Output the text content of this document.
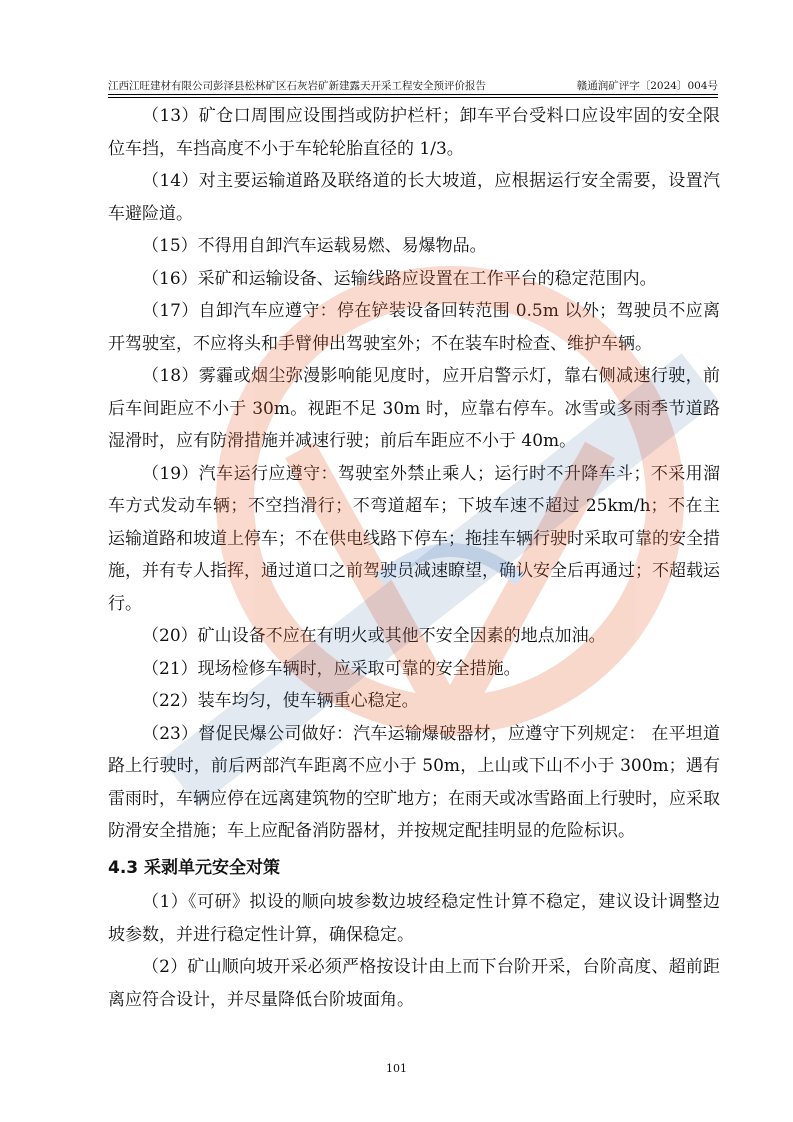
江西江旺建材有限公司彭泽县松林矿区石灰岩矿新建露天开采工程安全预评价报告	赣通润矿评字〔2024〕004号

（13）矿仓口周围应设围挡或防护栏杆；卸车平台受料口应设牢固的安全限位车挡，车挡高度不小于车轮轮胎直径的 1/3。

（14）对主要运输道路及联络道的长大坡道，应根据运行安全需要，设置汽车避险道。

（15）不得用自卸汽车运载易燃、易爆物品。

（16）采矿和运输设备、运输线路应设置在工作平台的稳定范围内。

（17）自卸汽车应遵守：停在铲装设备回转范围 0.5m 以外；驾驶员不应离开驾驶室，不应将头和手臂伸出驾驶室外；不在装车时检查、维护车辆。

（18）雾霾或烟尘弥漫影响能见度时，应开启警示灯，靠右侧减速行驶，前后车间距应不小于 30m。视距不足 30m 时，应靠右停车。冰雪或多雨季节道路湿滑时，应有防滑措施并减速行驶；前后车距应不小于 40m。

（19）汽车运行应遵守：驾驶室外禁止乘人；运行时不升降车斗；不采用溜车方式发动车辆；不空挡滑行；不弯道超车；下坡车速不超过 25km/h；不在主运输道路和坡道上停车；不在供电线路下停车；拖挂车辆行驶时采取可靠的安全措施，并有专人指挥，通过道口之前驾驶员减速瞭望，确认安全后再通过；不超载运行。

（20）矿山设备不应在有明火或其他不安全因素的地点加油。

（21）现场检修车辆时，应采取可靠的安全措施。

（22）装车均匀，使车辆重心稳定。

（23）督促民爆公司做好：汽车运输爆破器材，应遵守下列规定： 在平坦道路上行驶时，前后两部汽车距离不应小于 50m，上山或下山不小于 300m；遇有雷雨时，车辆应停在远离建筑物的空旷地方；在雨天或冰雪路面上行驶时，应采取防滑安全措施；车上应配备消防器材，并按规定配挂明显的危险标识。

4.3 采剥单元安全对策

（1）《可研》拟设的顺向坡参数边坡经稳定性计算不稳定，建议设计调整边坡参数，并进行稳定性计算，确保稳定。

（2）矿山顺向坡开采必须严格按设计由上而下台阶开采，台阶高度、超前距离应符合设计，并尽量降低台阶坡面角。

101
